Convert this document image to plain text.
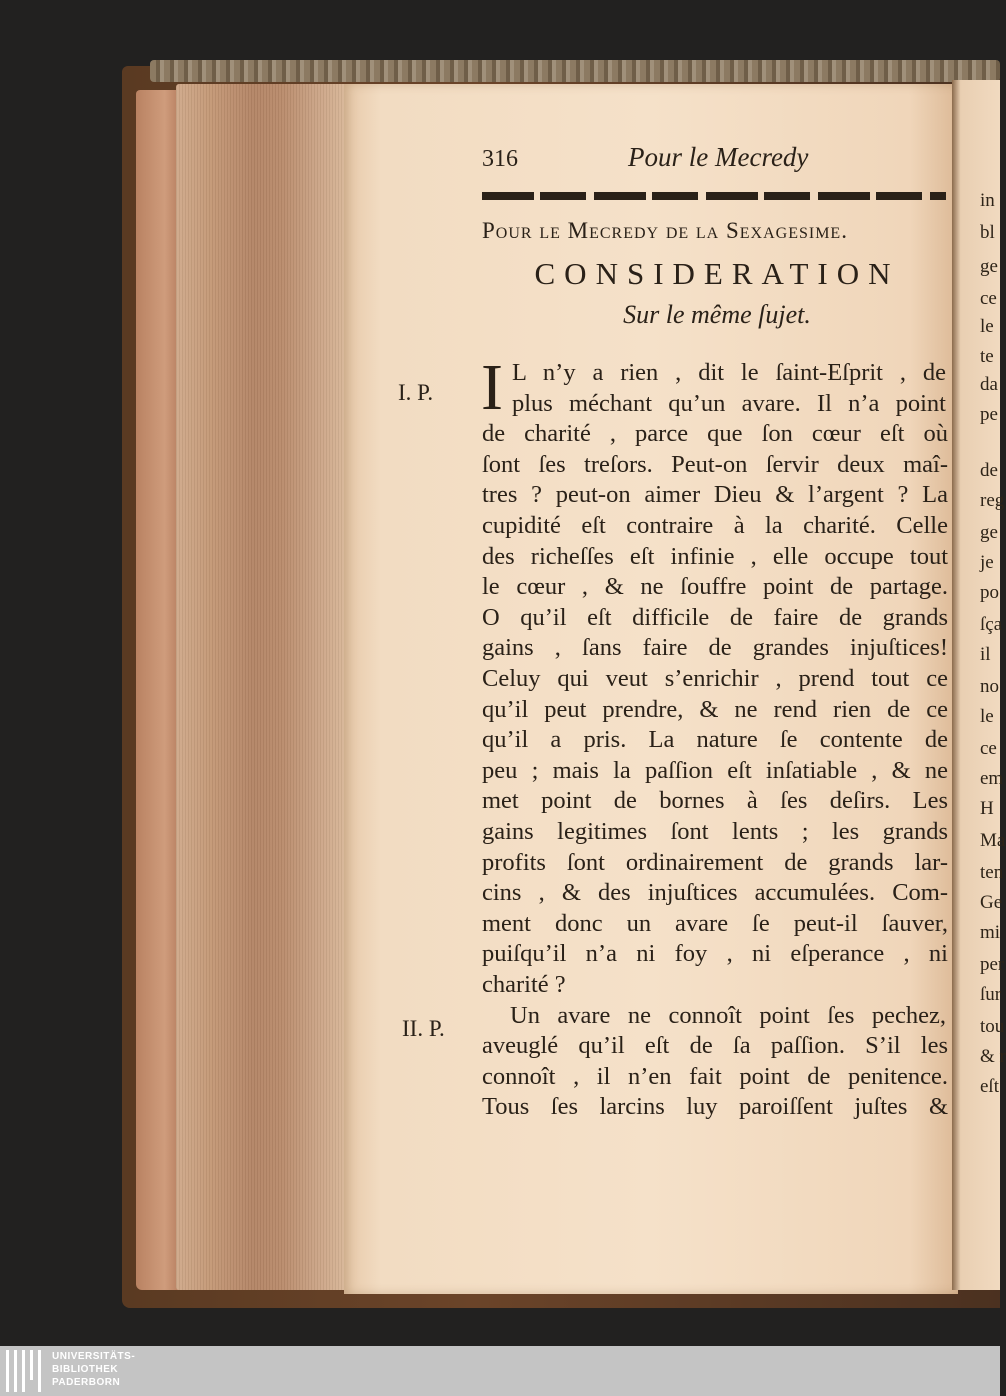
in
bl
ge
ce
le
te
da
pe
de
reg
ge
je
po
ſça
il
no
le
ce
em
H
Ma
ten
Ge
mi
per
ſur
tou
& r
eſt
316	Pour le Mecredy
Pour le Mecredy de la Sexagesime.
CONSIDERATION
Sur le même ſujet.
I
I. P.
II. P.
L n’y a rien , dit le ſaint-Eſprit , de
plus méchant qu’un avare. Il n’a point
de charité , parce que ſon cœur eſt où
ſont ſes treſors. Peut-on ſervir deux maî-
tres ? peut-on aimer Dieu & l’argent ? La
cupidité eſt contraire à la charité. Celle
des richeſſes eſt infinie , elle occupe tout
le cœur , & ne ſouffre point de partage.
O qu’il eſt difficile de faire de grands
gains , ſans faire de grandes injuſtices!
Celuy qui veut s’enrichir , prend tout ce
qu’il peut prendre, & ne rend rien de ce
qu’il a pris. La nature ſe contente de
peu ; mais la paſſion eſt inſatiable , & ne
met point de bornes à ſes deſirs. Les
gains legitimes ſont lents ; les grands
profits ſont ordinairement de grands lar-
cins , & des injuſtices accumulées. Com-
ment donc un avare ſe peut-il ſauver,
puiſqu’il n’a ni foy , ni eſperance , ni
charité ?
Un avare ne connoît point ſes pechez,
aveuglé qu’il eſt de ſa paſſion. S’il les
connoît , il n’en fait point de penitence.
Tous ſes larcins luy paroiſſent juſtes &
UNIVERSITÄTS-
BIBLIOTHEK
PADERBORN
